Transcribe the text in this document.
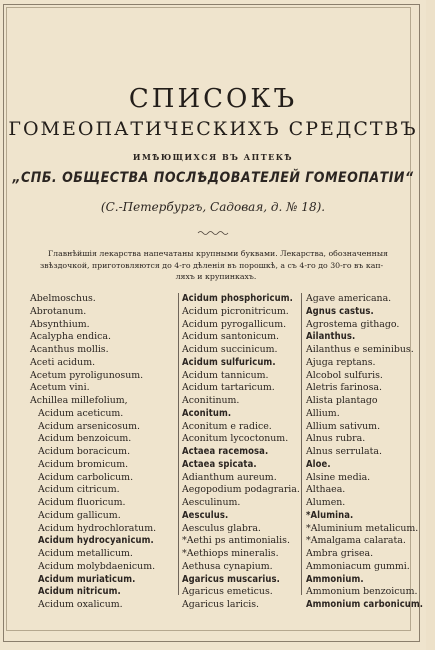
СПИСОКЪ
ГОМЕОПАТИЧЕСКИХЪ СРЕДСТВЪ
ИМѢЮЩИХСЯ ВЪ АПТЕКѢ
„СПБ. ОБЩЕСТВА ПОСЛѢДОВАТЕЛЕЙ ГОМЕОПАТІИ“
(С.-Петербургъ, Садовая, д. № 18).
Главнѣйшія лекарства напечатаны крупными буквами. Лекарства, обозначенныя
звѣздочкой, приготовляются до 4-го дѣленія въ порошкѣ, а съ 4-го до 30-го въ кап-
ляхъ и крупинкахъ.
Abelmoschus.
Abrotanum.
Absynthium.
Acalypha endica.
Acanthus mollis.
Aceti acidum.
Acetum pyroligunosum.
Acetum vini.
Achillea millefolium,
Acidum aceticum.
Acidum arsenicosum.
Acidum benzoicum.
Acidum boracicum.
Acidum bromicum.
Acidum carbolicum.
Acidum citricum.
Acidum fluoricum.
Acidum gallicum.
Acidum hydrochloratum.
Acidum hydrocyanicum.
Acidum metallicum.
Acidum molybdaenicum.
Acidum muriaticum.
Acidum nitricum.
Acidum oxalicum.
Acidum phosphoricum.
Acidum picronitricum.
Acidum pyrogallicum.
Acidum santonicum.
Acidum succinicum.
Acidum sulfuricum.
Acidum tannicum.
Acidum tartaricum.
Aconitinum.
Aconitum.
Aconitum e radice.
Aconitum lycoctonum.
Actaea racemosa.
Actaea spicata.
Adianthum aureum.
Aegopodium podagraria.
Aesculinum.
Aesculus.
Aesculus glabra.
*Aethi ps antimonialis.
*Aethiops mineralis.
Aethusa cynapium.
Agaricus muscarius.
Agaricus emeticus.
Agaricus laricis.
Agave americana.
Agnus castus.
Agrostema githago.
Ailanthus.
Ailanthus e seminibus.
Ajuga reptans.
Alcobol sulfuris.
Aletris farinosa.
Alista plantago
Allium.
Allium sativum.
Alnus rubra.
Alnus serrulata.
Aloe.
Alsine media.
Althaea.
Alumen.
*Alumina.
*Aluminium metalicum.
*Amalgama calarata.
Ambra grisea.
Ammoniacum gummi.
Ammonium.
Ammonium benzoicum.
Ammonium carbonicum.
